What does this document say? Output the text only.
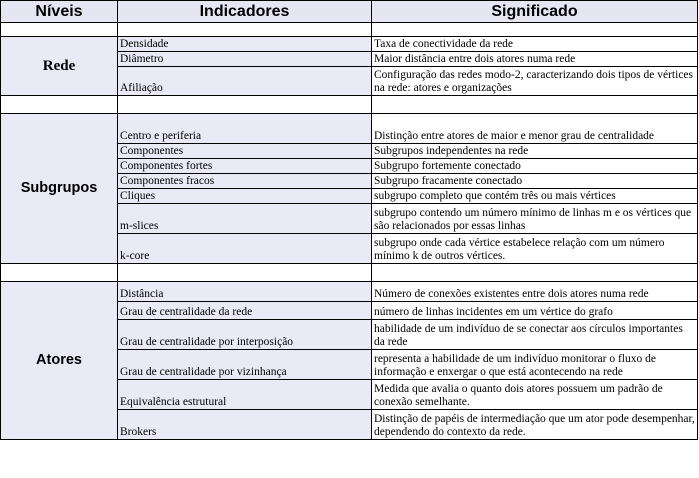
Níveis	Indicadores	Significado

Rede	Densidade	Taxa de conectividade da rede
	Diâmetro	Maior distância entre dois atores numa rede
	Afiliação	Configuração das redes modo-2, caracterizando dois tipos de vértices na rede: atores e organizações

Subgrupos	Centro e periferia	Distinção entre atores de maior e menor grau de centralidade
	Componentes	Subgrupos independentes na rede
	Componentes fortes	Subgrupo fortemente conectado
	Componentes fracos	Subgrupo fracamente conectado
	Cliques	subgrupo completo que contém três ou mais vértices
	m-slices	subgrupo contendo um número mínimo de linhas m e os vértices que são relacionados por essas linhas
	k-core	subgrupo onde cada vértice estabelece relação com um número mínimo k de outros vértices.

Atores	Distância	Número de conexões existentes entre dois atores numa rede
	Grau de centralidade da rede	número de linhas incidentes em um vértice do grafo
	Grau de centralidade por interposição	habilidade de um indivíduo de se conectar aos círculos importantes da rede
	Grau de centralidade por vizinhança	representa a habilidade de um indivíduo monitorar o fluxo de informação e enxergar o que está acontecendo na rede
	Equivalência estrutural	Medida que avalia o quanto dois atores possuem um padrão de conexão semelhante.
	Brokers	Distinção de papéis de intermediação que um ator pode desempenhar, dependendo do contexto da rede.
